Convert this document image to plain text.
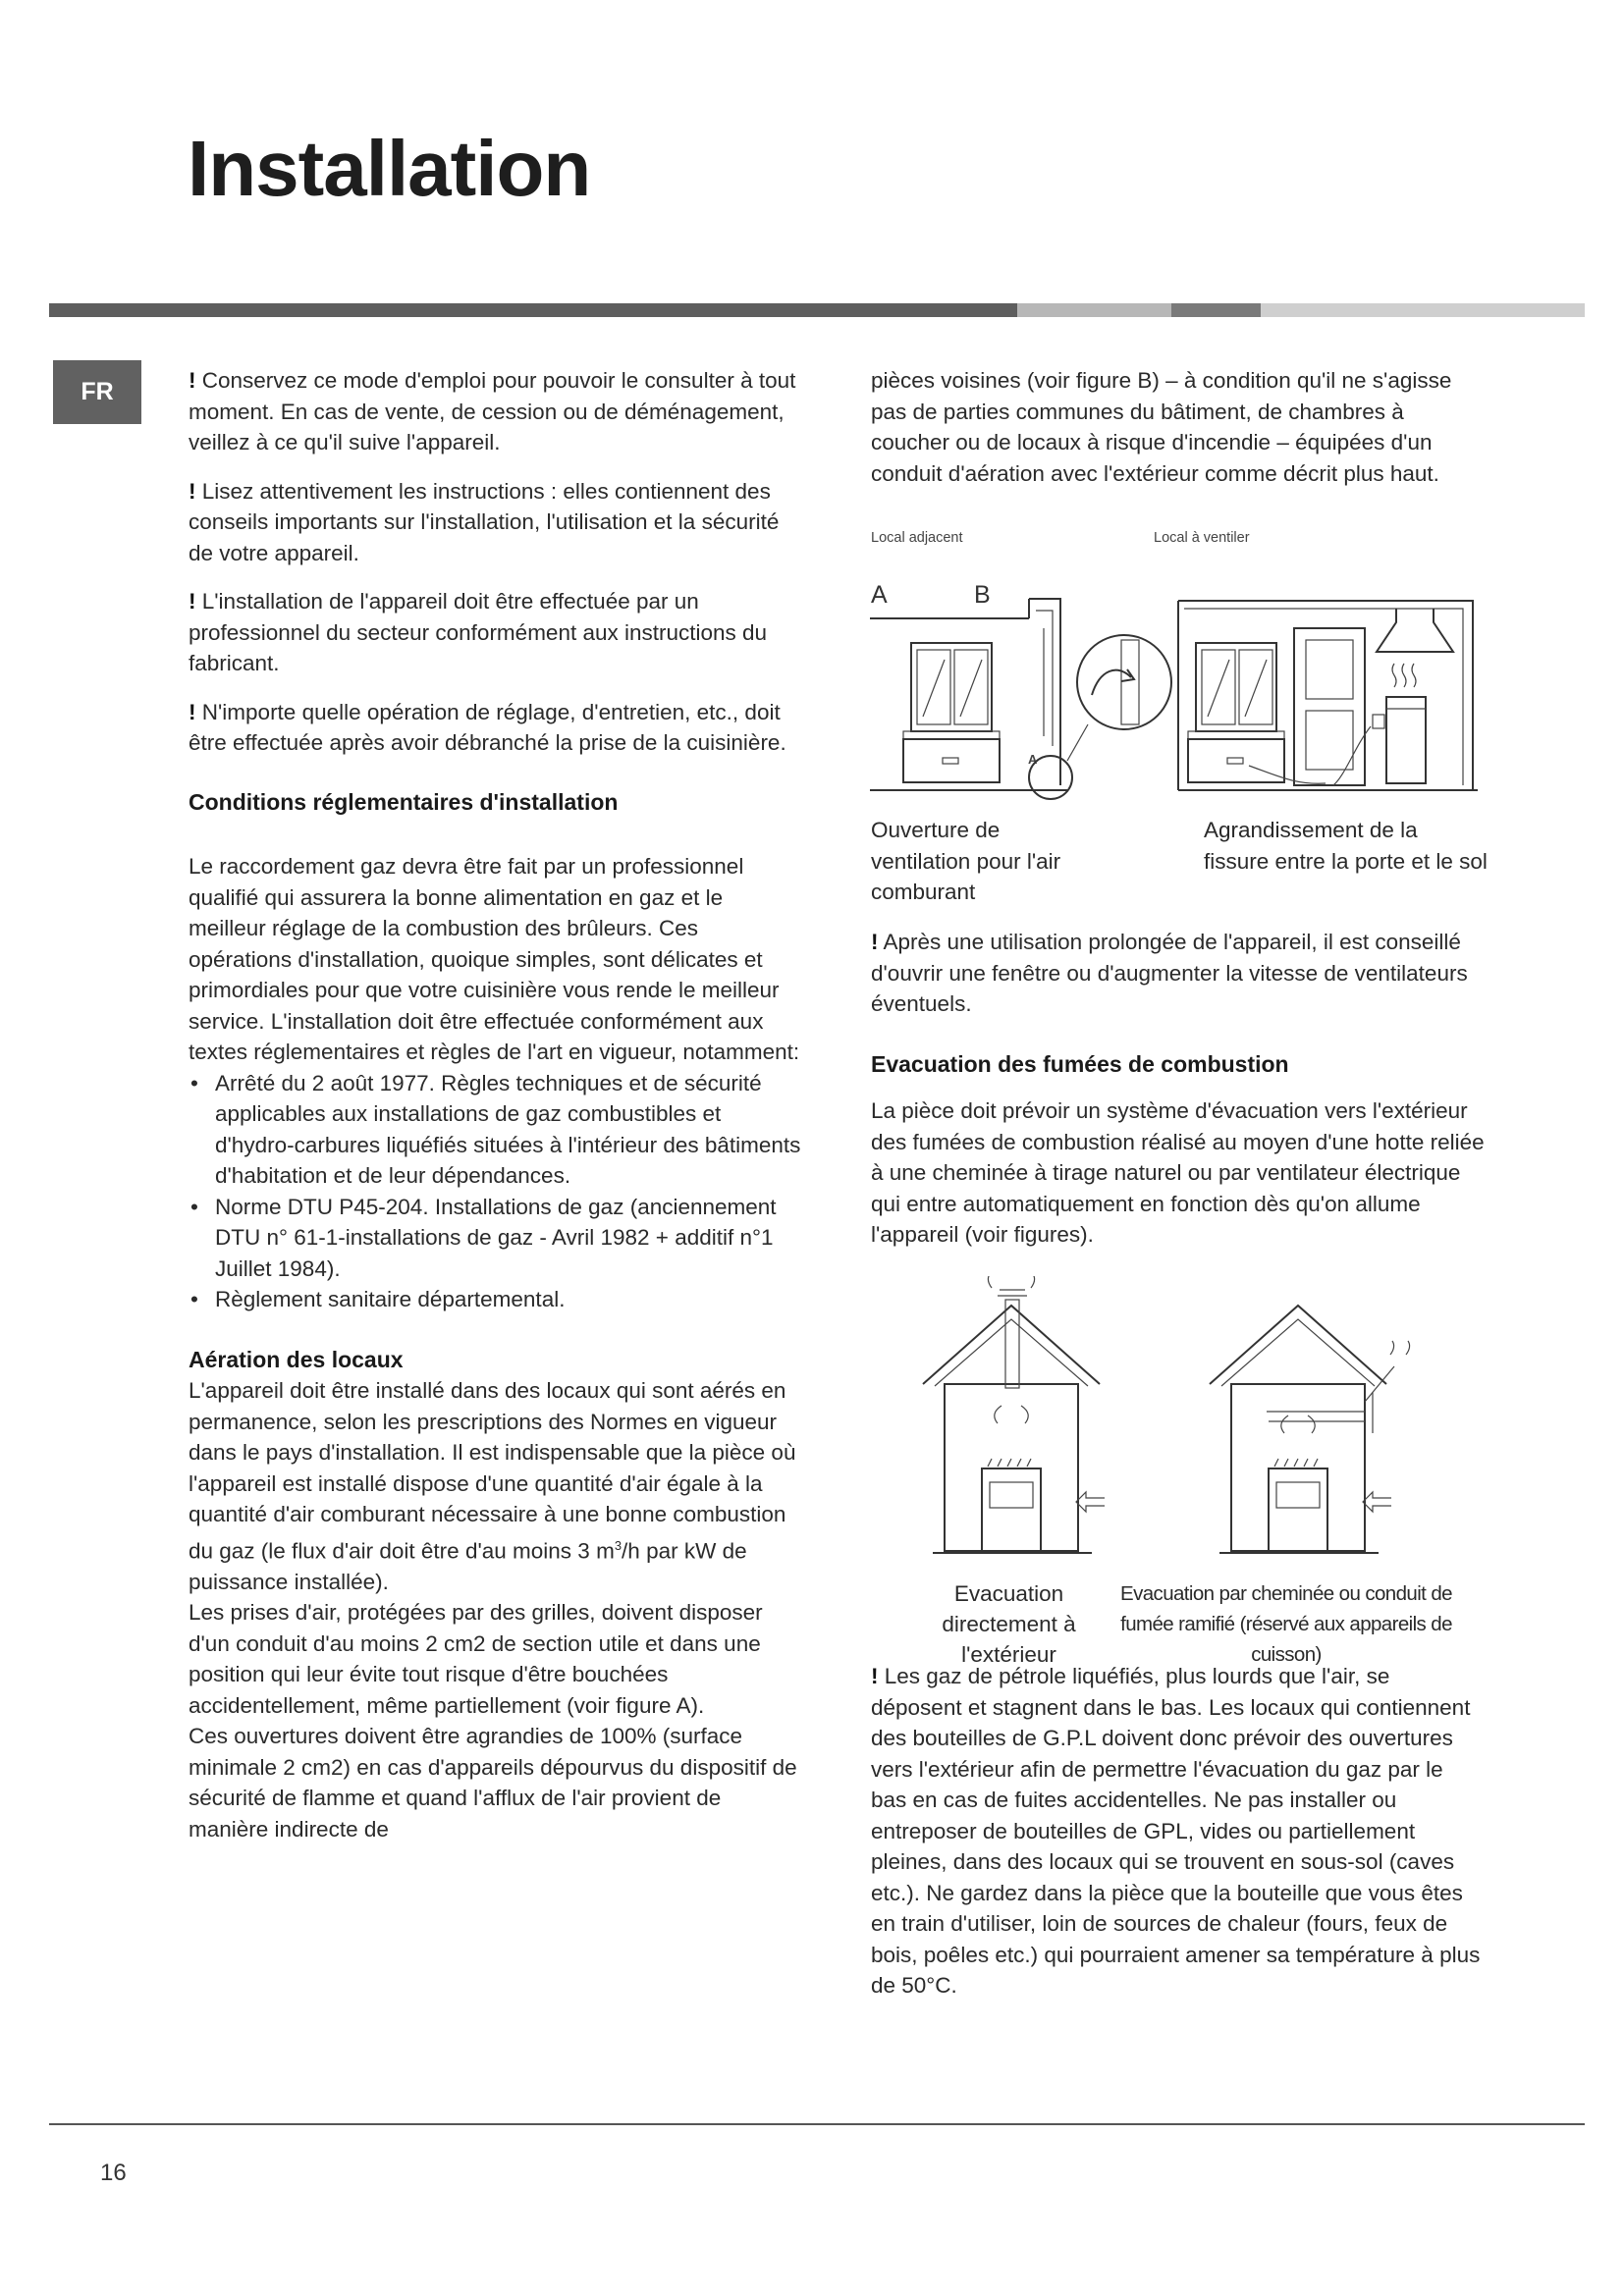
Installation
FR	! Conservez ce mode d'emploi pour pouvoir le consulter à tout moment. En cas de vente, de cession ou de déménagement, veillez à ce qu'il suive l'appareil.

! Lisez attentivement les instructions : elles contiennent des conseils importants sur l'installation, l'utilisation et la sécurité de votre appareil.

! L'installation de l'appareil doit être effectuée par un professionnel du secteur conformément aux instructions du fabricant.

! N'importe quelle opération de réglage, d'entretien, etc., doit être effectuée après avoir débranché la prise de la cuisinière.

Conditions réglementaires d'installation

Le raccordement gaz devra être fait par un professionnel qualifié qui assurera la bonne alimentation en gaz et le meilleur réglage de la combustion des brûleurs. Ces opérations d'installation, quoique simples, sont délicates et primordiales pour que votre cuisinière vous rende le meilleur service. L'installation doit être effectuée conformément aux textes réglementaires et règles de l'art en vigueur, notamment:

• Arrêté du 2 août 1977. Règles techniques et de sécurité applicables aux installations de gaz combustibles et d'hydro-carbures liquéfiés situées à l'intérieur des bâtiments d'habitation et de leur dépendances.
• Norme DTU P45-204. Installations de gaz (anciennement DTU n° 61-1-installations de gaz - Avril 1982 + additif n°1 Juillet 1984).
• Règlement sanitaire départemental.
Aération des locaux

L'appareil doit être installé dans des locaux qui sont aérés en permanence, selon les prescriptions des Normes en vigueur dans le pays d'installation. Il est indispensable que la pièce où l'appareil est installé dispose d'une quantité d'air égale à la quantité d'air comburant nécessaire à une bonne combustion du gaz (le flux d'air doit être d'au moins 3 $m^3/h$ par kW de puissance installée).

Les prises d'air, protégées par des grilles, doivent disposer d'un conduit d'au moins 2 cm2 de section utile et dans une position qui leur évite tout risque d'être bouchées accidentellement, même partiellement (voir figure A).

Ces ouvertures doivent être agrandies de 100% (surface minimale 2 cm2) en cas d'appareils dépourvus du dispositif de sécurité de flamme et quand l'afflux de l'air provient de manière indirecte de

pièces voisines (voir figure B) – à condition qu'il ne s'agisse pas de parties communes du bâtiment, de chambres à coucher ou de locaux à risque d'incendie – équipées d'un conduit d'aération avec l'extérieur comme décrit plus haut.

Local adjacent	Local à ventiler
A	B
A
Ouverture de ventilation pour l'air comburant
Agrandissement de la fissure entre la porte et le sol

! Après une utilisation prolongée de l'appareil, il est conseillé d'ouvrir une fenêtre ou d'augmenter la vitesse de ventilateurs éventuels.

Evacuation des fumées de combustion

La pièce doit prévoir un système d'évacuation vers l'extérieur des fumées de combustion réalisé au moyen d'une hotte reliée à une cheminée à tirage naturel ou par ventilateur électrique qui entre automatiquement en fonction dès qu'on allume l'appareil (voir figures).

Evacuation directement à l'extérieur
Evacuation par cheminée ou conduit de fumée ramifié (réservé aux appareils de cuisson)

! Les gaz de pétrole liquéfiés, plus lourds que l'air, se déposent et stagnent dans le bas. Les locaux qui contiennent des bouteilles de G.P.L doivent donc prévoir des ouvertures vers l'extérieur afin de permettre l'évacuation du gaz par le bas en cas de fuites accidentelles. Ne pas installer ou entreposer de bouteilles de GPL, vides ou partiellement pleines, dans des locaux qui se trouvent en sous-sol (caves etc.). Ne gardez dans la pièce que la bouteille que vous êtes en train d'utiliser, loin de sources de chaleur (fours, feux de bois, poêles etc.) qui pourraient amener sa température à plus de 50°C.

16
